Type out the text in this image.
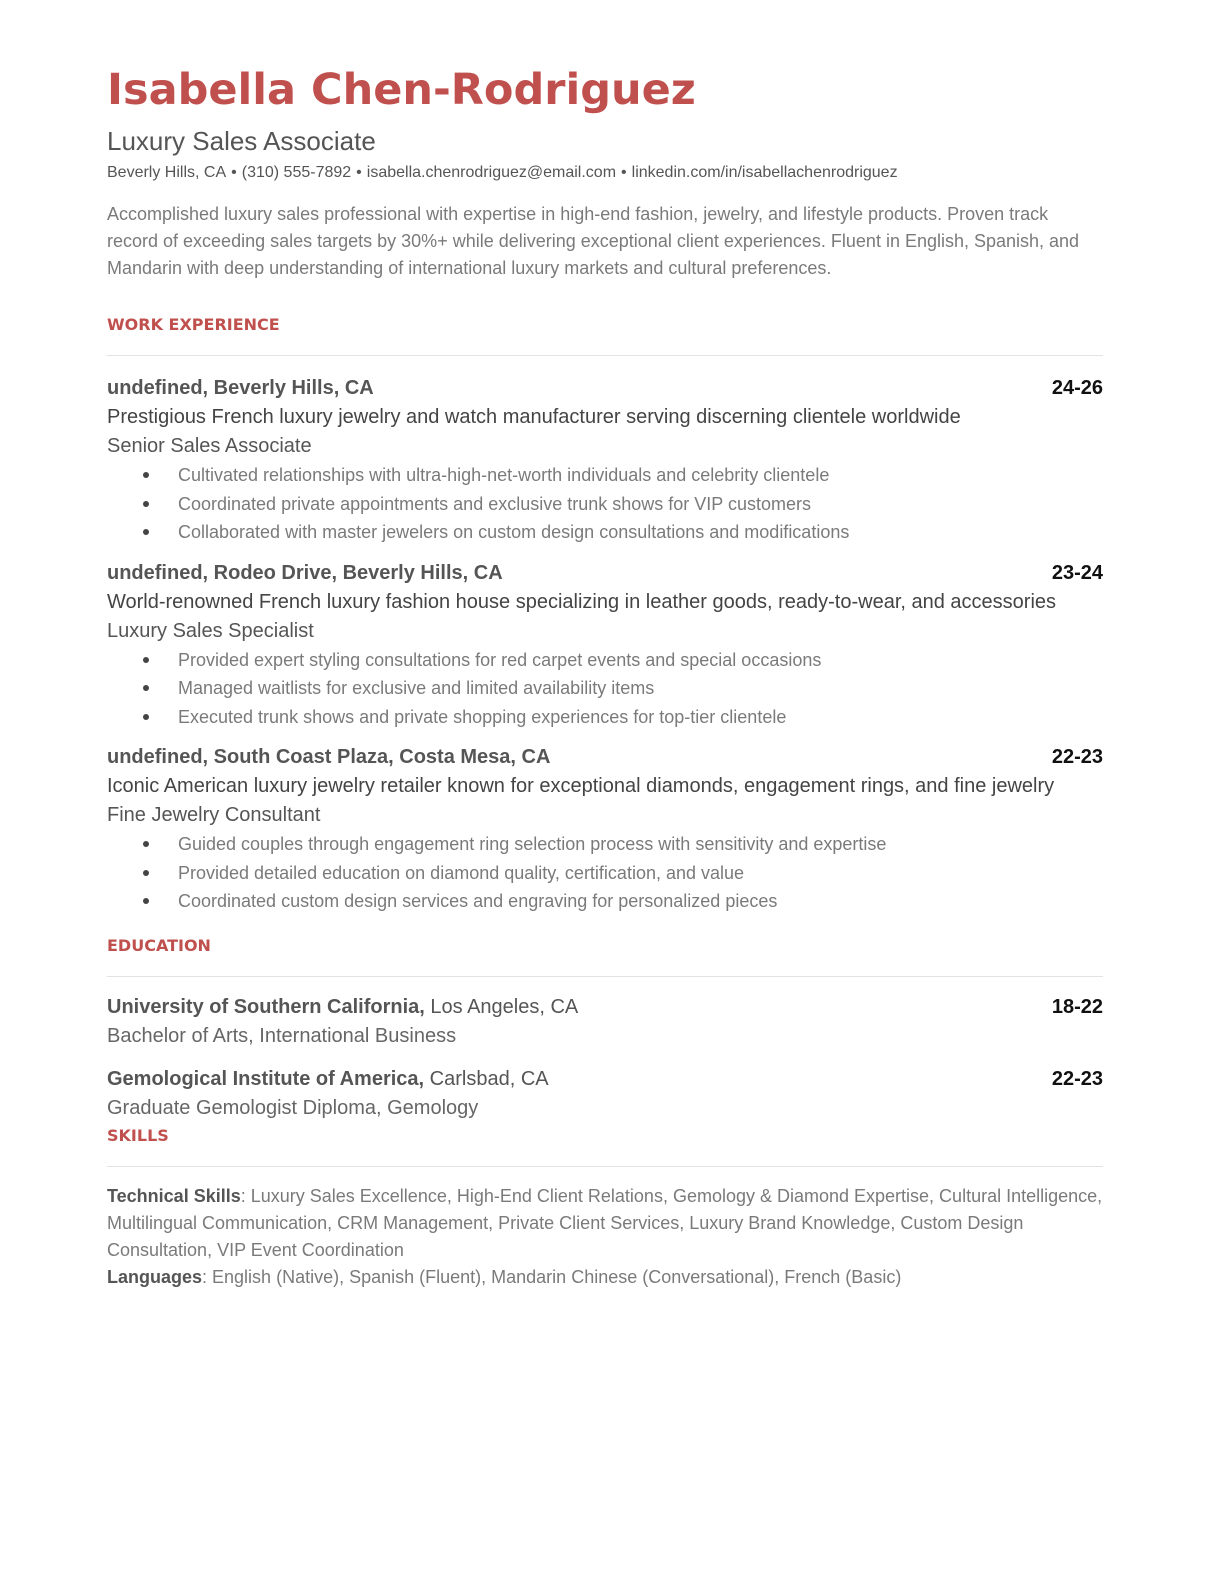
Isabella Chen-Rodriguez
Luxury Sales Associate
Beverly Hills, CA • (310) 555-7892 • isabella.chenrodriguez@email.com • linkedin.com/in/isabellachenrodriguez
Accomplished luxury sales professional with expertise in high-end fashion, jewelry, and lifestyle products. Proven track record of exceeding sales targets by 30%+ while delivering exceptional client experiences. Fluent in English, Spanish, and Mandarin with deep understanding of international luxury markets and cultural preferences.
WORK EXPERIENCE
undefined, Beverly Hills, CA	24-26
Prestigious French luxury jewelry and watch manufacturer serving discerning clientele worldwide
Senior Sales Associate
Cultivated relationships with ultra-high-net-worth individuals and celebrity clientele
Coordinated private appointments and exclusive trunk shows for VIP customers
Collaborated with master jewelers on custom design consultations and modifications
undefined, Rodeo Drive, Beverly Hills, CA	23-24
World-renowned French luxury fashion house specializing in leather goods, ready-to-wear, and accessories
Luxury Sales Specialist
Provided expert styling consultations for red carpet events and special occasions
Managed waitlists for exclusive and limited availability items
Executed trunk shows and private shopping experiences for top-tier clientele
undefined, South Coast Plaza, Costa Mesa, CA	22-23
Iconic American luxury jewelry retailer known for exceptional diamonds, engagement rings, and fine jewelry
Fine Jewelry Consultant
Guided couples through engagement ring selection process with sensitivity and expertise
Provided detailed education on diamond quality, certification, and value
Coordinated custom design services and engraving for personalized pieces
EDUCATION
University of Southern California, Los Angeles, CA	18-22
Bachelor of Arts, International Business
Gemological Institute of America, Carlsbad, CA	22-23
Graduate Gemologist Diploma, Gemology
SKILLS
Technical Skills: Luxury Sales Excellence, High-End Client Relations, Gemology & Diamond Expertise, Cultural Intelligence, Multilingual Communication, CRM Management, Private Client Services, Luxury Brand Knowledge, Custom Design Consultation, VIP Event Coordination
Languages: English (Native), Spanish (Fluent), Mandarin Chinese (Conversational), French (Basic)
